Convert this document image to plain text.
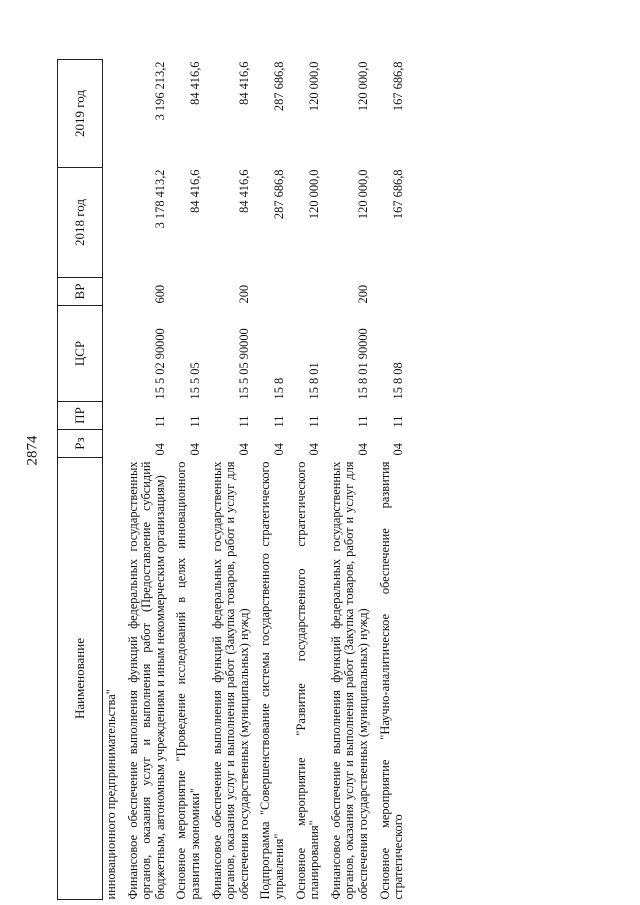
2874
Наименование	Рз	ПР	ЦСР	ВР	2018 год	2019 год
инновационного предпринимательства"						
Финансовое обеспечение выполнения функций федеральных государственных органов, оказания услуг и выполнения работ (Предоставление субсидий бюджетным, автономным учреждениям и иным некоммерческим организациям)	04	11	15 5 02 90000	600	3 178 413,2	3 196 213,2
Основное мероприятие "Проведение исследований в целях инновационного развития экономики"	04	11	15 5 05		84 416,6	84 416,6
Финансовое обеспечение выполнения функций федеральных государственных органов, оказания услуг и выполнения работ (Закупка товаров, работ и услуг для обеспечения государственных (муниципальных) нужд)	04	11	15 5 05 90000	200	84 416,6	84 416,6
Подпрограмма "Совершенствование системы государственного стратегического управления"	04	11	15 8		287 686,8	287 686,8
Основное мероприятие "Развитие государственного стратегического планирования"	04	11	15 8 01		120 000,0	120 000,0
Финансовое обеспечение выполнения функций федеральных государственных органов, оказания услуг и выполнения работ (Закупка товаров, работ и услуг для обеспечения государственных (муниципальных) нужд)	04	11	15 8 01 90000	200	120 000,0	120 000,0
Основное мероприятие "Научно-аналитическое обеспечение развития стратегического	04	11	15 8 08		167 686,8	167 686,8
